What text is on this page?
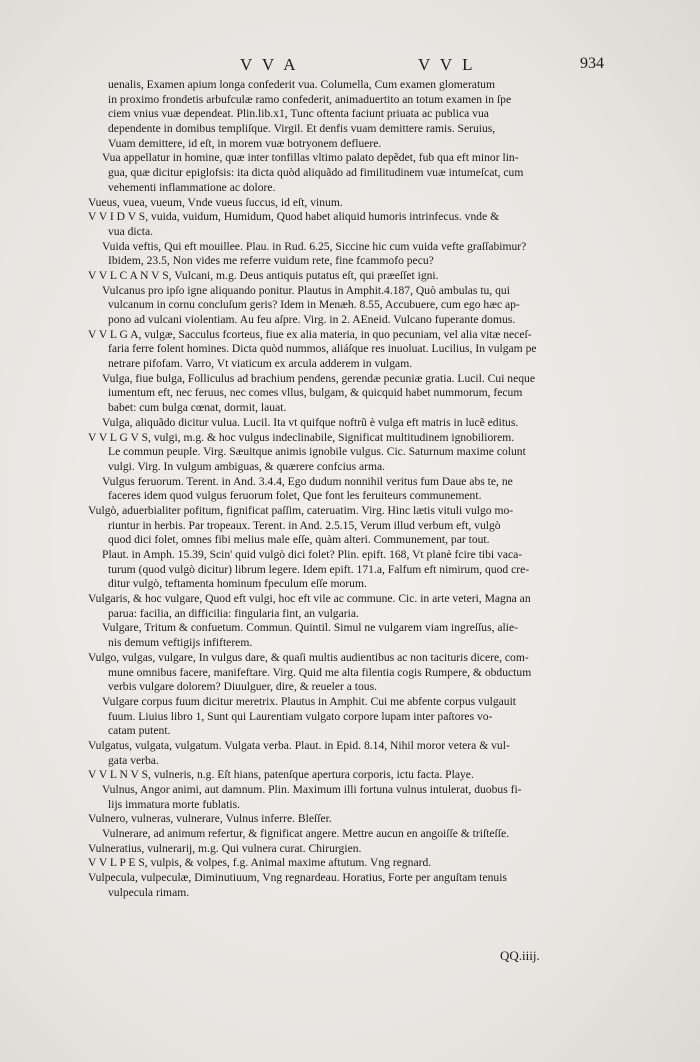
V V A	V V L	934
uenalis, Examen apium longa confederit vua. Columella, Cum examen glomeratum
in proximo frondetis arbufculæ ramo confederit, animaduertito an totum examen in ſpe
ciem vnius vuæ dependeat. Plin.lib.x1, Tunc oftenta faciunt priuata ac publica vua
dependente in domibus templiſque. Virgil. Et denfis vuam demittere ramis. Seruius,
Vuam demittere, id eſt, in morem vuæ botryonem defluere.
Vua appellatur in homine, quæ inter tonfillas vltimo palato depẽdet, fub qua eft minor lin-
gua, quæ dicitur epiglofsis: ita dicta quòd aliquãdo ad fimilitudinem vuæ intumeſcat, cum
vehementi inflammatione ac dolore.
Vueus, vuea, vueum, Vnde vueus ſuccus, id eſt, vinum.
V V I D V S, vuida, vuidum, Humidum, Quod habet aliquid humoris intrinfecus. vnde &
vua dicta.
Vuida veftis, Qui eft mouillee. Plau. in Rud. 6.25, Siccine hic cum vuida vefte graſſabimur?
Ibidem, 23.5, Non vides me referre vuidum rete, fine fcammofo pecu?
V V L C A N V S, Vulcani, m.g. Deus antiquis putatus eſt, qui præeſſet igni.
Vulcanus pro ipſo igne aliquando ponitur. Plautus in Amphit.4.187, Quò ambulas tu, qui
vulcanum in cornu concluſum geris? Idem in Menæh. 8.55, Accubuere, cum ego hæc ap-
pono ad vulcani violentiam. Au feu aſpre. Virg. in 2. AEneid. Vulcano fuperante domus.
V V L G A, vulgæ, Sacculus fcorteus, fiue ex alia materia, in quo pecuniam, vel alia vitæ neceſ-
faria ferre folent homines. Dicta quòd nummos, aliáſque res inuoluat. Lucilius, In vulgam pe
netrare pifofam. Varro, Vt viaticum ex arcula adderem in vulgam.
Vulga, fiue bulga, Folliculus ad brachium pendens, gerendæ pecuniæ gratia. Lucil. Cui neque
iumentum eft, nec feruus, nec comes vllus, bulgam, & quicquid habet nummorum, fecum
babet: cum bulga cœnat, dormit, lauat.
Vulga, aliquãdo dicitur vulua. Lucil. Ita vt quifque noftrũ è vulga eft matris in lucẽ editus.
V V L G V S, vulgi, m.g. & hoc vulgus indeclinabile, Significat multitudinem ignobiliorem.
Le commun peuple. Virg. Sæuitque animis ignobile vulgus. Cic. Saturnum maxime colunt
vulgi. Virg. In vulgum ambiguas, & quærere confcius arma.
Vulgus feruorum. Terent. in And. 3.4.4, Ego dudum nonnihil veritus fum Daue abs te, ne
faceres idem quod vulgus feruorum folet, Que font les feruiteurs communement.
Vulgò, aduerbialiter pofitum, fignificat paſſim, cateruatim. Virg. Hinc lætis vituli vulgo mo-
riuntur in herbis. Par tropeaux. Terent. in And. 2.5.15, Verum illud verbum eft, vulgò
quod dici folet, omnes fibi melius male eſſe, quàm alteri. Communement, par tout.
Plaut. in Amph. 15.39, Scin' quid vulgò dici folet? Plin. epift. 168, Vt planè fcire tibi vaca-
turum (quod vulgò dicitur) librum legere. Idem epift. 171.a, Falfum eft nimirum, quod cre-
ditur vulgò, teftamenta hominum fpeculum eſſe morum.
Vulgaris, & hoc vulgare, Quod eft vulgi, hoc eft vile ac commune. Cic. in arte veteri, Magna an
parua: facilia, an difficilia: fingularia fint, an vulgaria.
Vulgare, Tritum & confuetum. Commun. Quintil. Simul ne vulgarem viam ingreſſus, alie-
nis demum veftigijs infifterem.
Vulgo, vulgas, vulgare, In vulgus dare, & quaſi multis audientibus ac non tacituris dicere, com-
mune omnibus facere, manifeftare. Virg. Quid me alta filentia cogis Rumpere, & obductum
verbis vulgare dolorem? Diuulguer, dire, & reueler a tous.
Vulgare corpus fuum dicitur meretrix. Plautus in Amphit. Cui me abfente corpus vulgauit
fuum. Liuius libro 1, Sunt qui Laurentiam vulgato corpore lupam inter paſtores vo-
catam putent.
Vulgatus, vulgata, vulgatum. Vulgata verba. Plaut. in Epid. 8.14, Nihil moror vetera & vul-
gata verba.
V V L N V S, vulneris, n.g. Eſt hians, patenſque apertura corporis, ictu facta. Playe.
Vulnus, Angor animi, aut damnum. Plin. Maximum illi fortuna vulnus intulerat, duobus fi-
lijs immatura morte fublatis.
Vulnero, vulneras, vulnerare, Vulnus inferre. Bleſſer.
Vulnerare, ad animum refertur, & fignificat angere. Mettre aucun en angoiſſe & triſteſſe.
Vulneratius, vulnerarij, m.g. Qui vulnera curat. Chirurgien.
V V L P E S, vulpis, & volpes, f.g. Animal maxime aftutum. Vng regnard.
Vulpecula, vulpeculæ, Diminutiuum, Vng regnardeau. Horatius, Forte per anguſtam tenuis
vulpecula rimam.
QQ.iiij.
